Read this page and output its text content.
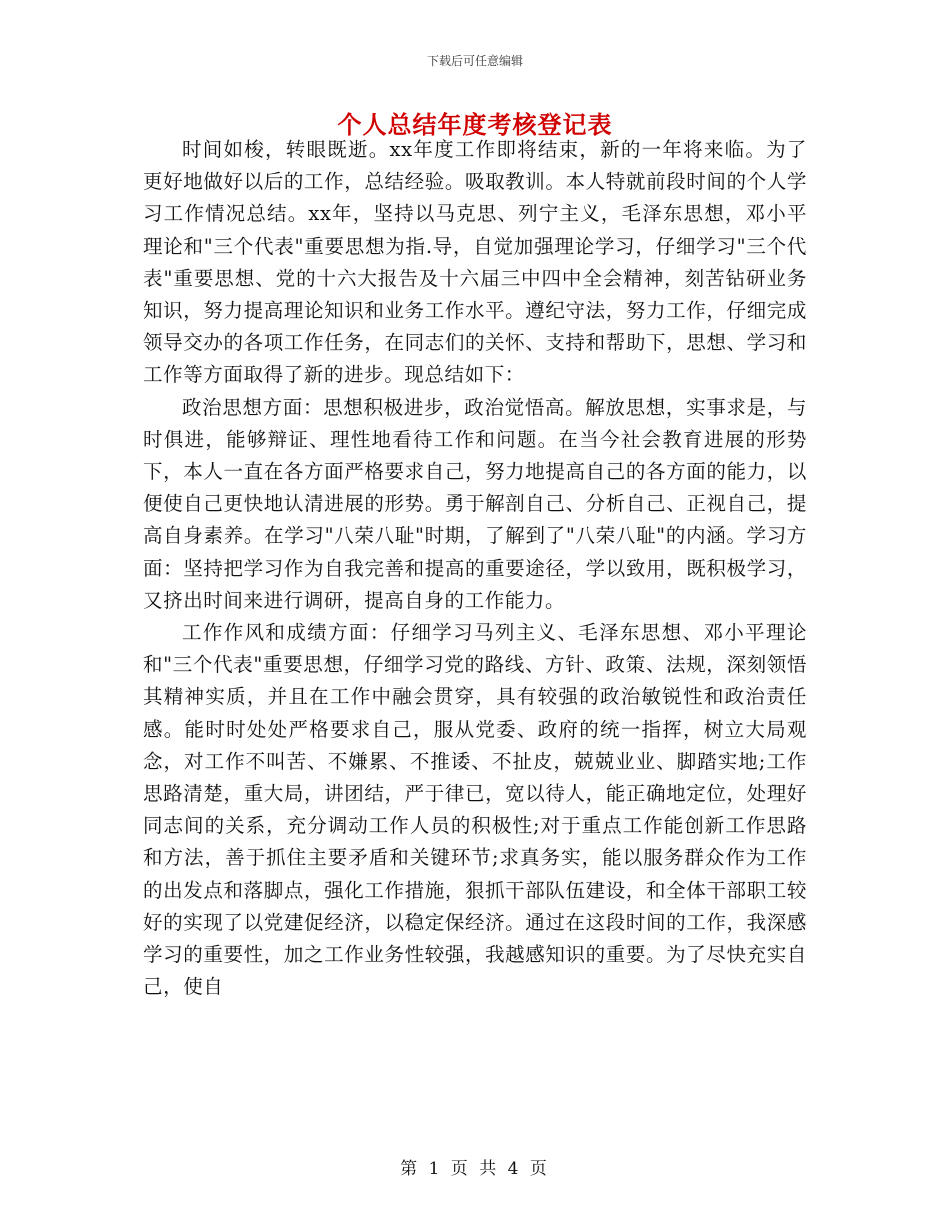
下载后可任意编辑
个人总结年度考核登记表

时间如梭，转眼既逝。xx年度工作即将结束，新的一年将来临。为了更好地做好以后的工作，总结经验。吸取教训。本人特就前段时间的个人学习工作情况总结。xx年，坚持以马克思、列宁主义，毛泽东思想，邓小平理论和"三个代表"重要思想为指.导，自觉加强理论学习，仔细学习"三个代表"重要思想、党的十六大报告及十六届三中四中全会精神，刻苦钻研业务知识，努力提高理论知识和业务工作水平。遵纪守法，努力工作，仔细完成领导交办的各项工作任务，在同志们的关怀、支持和帮助下，思想、学习和工作等方面取得了新的进步。现总结如下：

政治思想方面：思想积极进步，政治觉悟高。解放思想，实事求是，与时俱进，能够辩证、理性地看待工作和问题。在当今社会教育进展的形势下，本人一直在各方面严格要求自己，努力地提高自己的各方面的能力，以便使自己更快地认清进展的形势。勇于解剖自己、分析自己、正视自己，提高自身素养。在学习"八荣八耻"时期，了解到了"八荣八耻"的内涵。学习方面：坚持把学习作为自我完善和提高的重要途径，学以致用，既积极学习，又挤出时间来进行调研，提高自身的工作能力。

工作作风和成绩方面：仔细学习马列主义、毛泽东思想、邓小平理论和"三个代表"重要思想，仔细学习党的路线、方针、政策、法规，深刻领悟其精神实质，并且在工作中融会贯穿，具有较强的政治敏锐性和政治责任感。能时时处处严格要求自己，服从党委、政府的统一指挥，树立大局观念，对工作不叫苦、不嫌累、不推诿、不扯皮，兢兢业业、脚踏实地;工作思路清楚，重大局，讲团结，严于律已，宽以待人，能正确地定位，处理好同志间的关系，充分调动工作人员的积极性;对于重点工作能创新工作思路和方法，善于抓住主要矛盾和关键环节;求真务实，能以服务群众作为工作的出发点和落脚点，强化工作措施，狠抓干部队伍建设，和全体干部职工较好的实现了以党建促经济，以稳定保经济。通过在这段时间的工作，我深感学习的重要性，加之工作业务性较强，我越感知识的重要。为了尽快充实自己，使自

第 1 页 共 4 页
